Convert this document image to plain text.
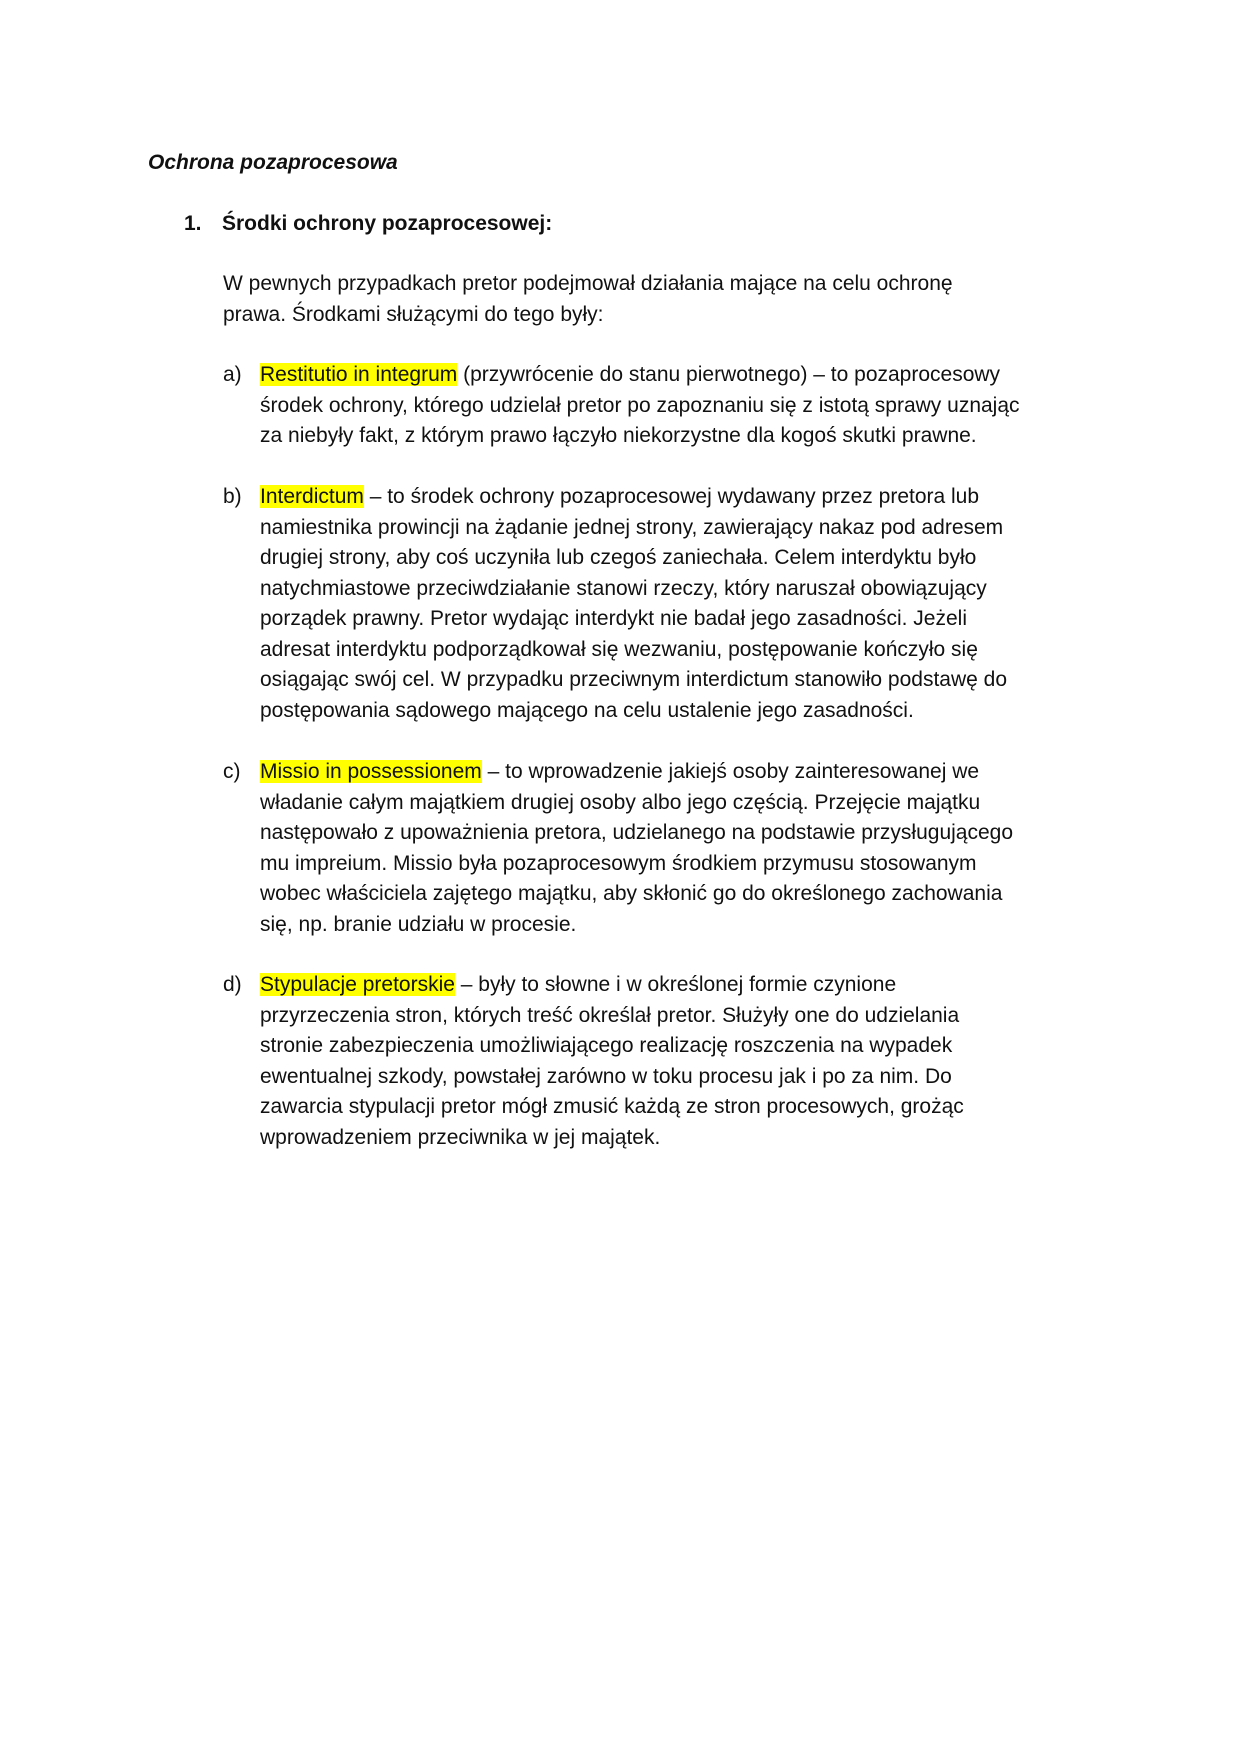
Ochrona pozaprocesowa
1. Środki ochrony pozaprocesowej:
W pewnych przypadkach pretor podejmował działania mające na celu ochronę
prawa. Środkami służącymi do tego były:
a) Restitutio in integrum (przywrócenie do stanu pierwotnego) – to pozaprocesowy
środek ochrony, którego udzielał pretor po zapoznaniu się z istotą sprawy uznając
za niebyły fakt, z którym prawo łączyło niekorzystne dla kogoś skutki prawne.
b) Interdictum – to środek ochrony pozaprocesowej wydawany przez pretora lub
namiestnika prowincji na żądanie jednej strony, zawierający nakaz pod adresem
drugiej strony, aby coś uczyniła lub czegoś zaniechała. Celem interdyktu było
natychmiastowe przeciwdziałanie stanowi rzeczy, który naruszał obowiązujący
porządek prawny. Pretor wydając interdykt nie badał jego zasadności. Jeżeli
adresat interdyktu podporządkował się wezwaniu, postępowanie kończyło się
osiągając swój cel. W przypadku przeciwnym interdictum stanowiło podstawę do
postępowania sądowego mającego na celu ustalenie jego zasadności.
c) Missio in possessionem – to wprowadzenie jakiejś osoby zainteresowanej we
władanie całym majątkiem drugiej osoby albo jego częścią. Przejęcie majątku
następowało z upoważnienia pretora, udzielanego na podstawie przysługującego
mu impreium. Missio była pozaprocesowym środkiem przymusu stosowanym
wobec właściciela zajętego majątku, aby skłonić go do określonego zachowania
się, np. branie udziału w procesie.
d) Stypulacje pretorskie – były to słowne i w określonej formie czynione
przyrzeczenia stron, których treść określał pretor. Służyły one do udzielania
stronie zabezpieczenia umożliwiającego realizację roszczenia na wypadek
ewentualnej szkody, powstałej zarówno w toku procesu jak i po za nim. Do
zawarcia stypulacji pretor mógł zmusić każdą ze stron procesowych, grożąc
wprowadzeniem przeciwnika w jej majątek.
